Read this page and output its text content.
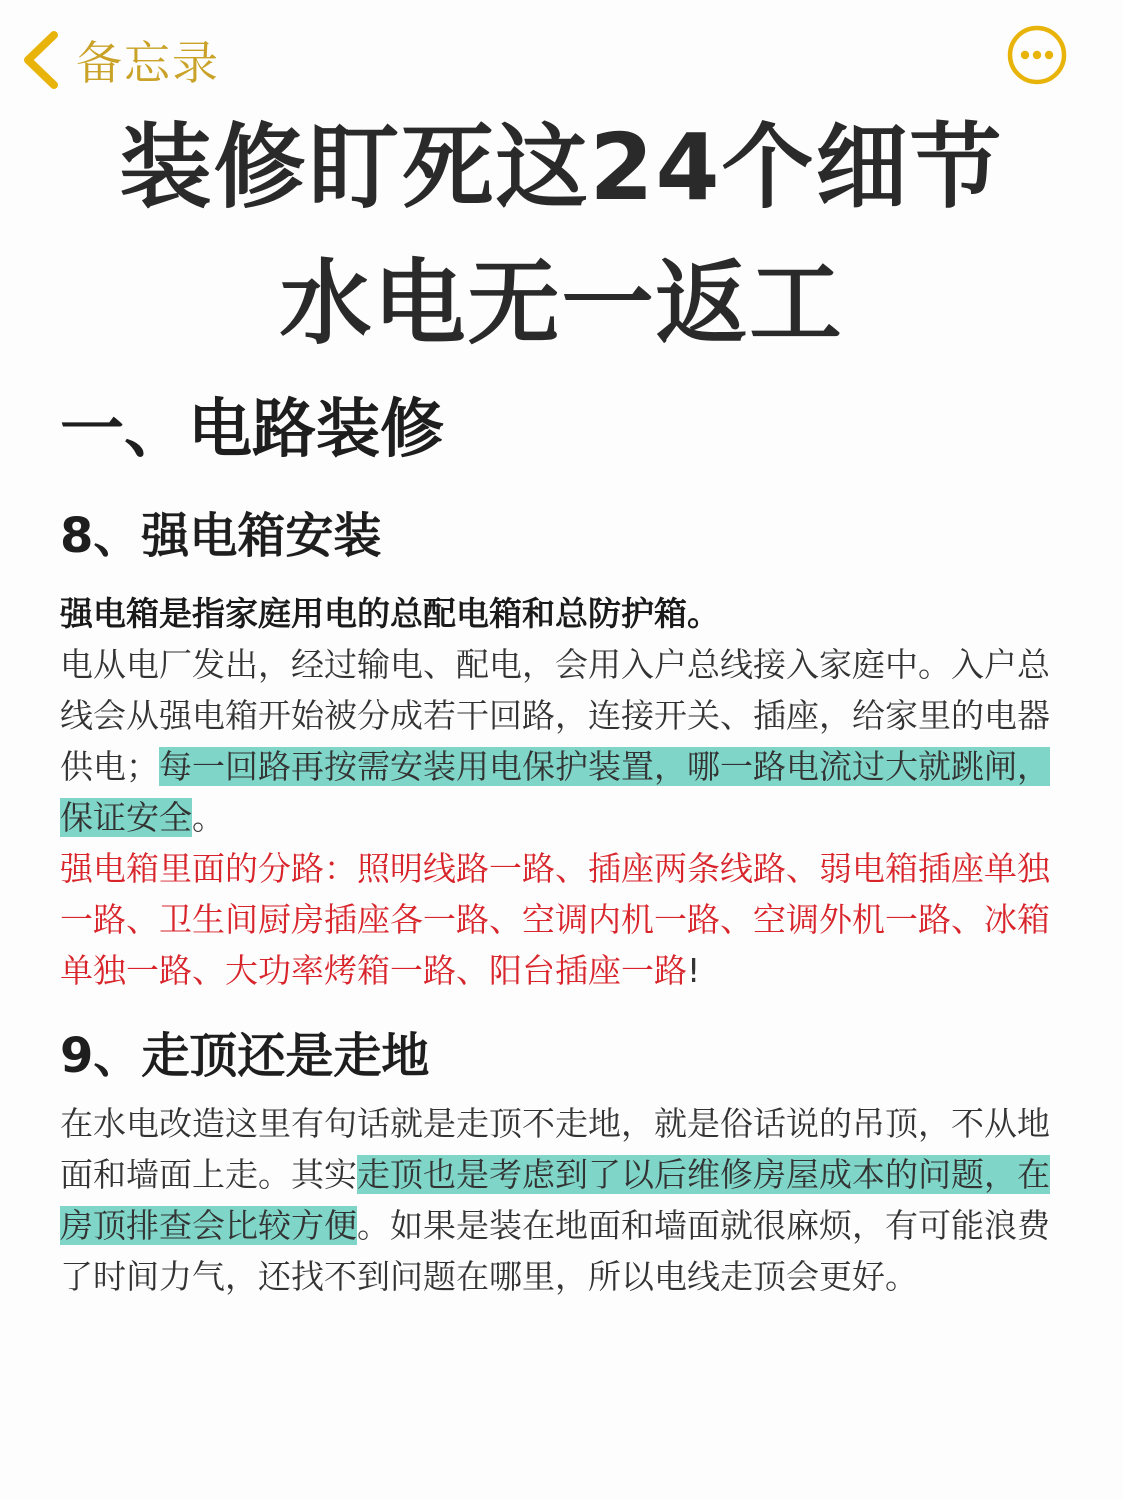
备忘录
装修盯死这24个细节
水电无一返工
一、电路装修
8、强电箱安装

强电箱是指家庭用电的总配电箱和总防护箱。

电从电厂发出，经过输电、配电，会用入户总线接入家庭中。入户总线会从强电箱开始被分成若干回路，连接开关、插座，给家里的电器供电；每一回路再按需安装用电保护装置，哪一路电流过大就跳闸，保证安全。

强电箱里面的分路：照明线路一路、插座两条线路、弱电箱插座单独一路、卫生间厨房插座各一路、空调内机一路、空调外机一路、冰箱单独一路、大功率烤箱一路、阳台插座一路!

9、走顶还是走地

在水电改造这里有句话就是走顶不走地，就是俗话说的吊顶，不从地面和墙面上走。其实走顶也是考虑到了以后维修房屋成本的问题，在房顶排查会比较方便。如果是装在地面和墙面就很麻烦，有可能浪费了时间力气，还找不到问题在哪里，所以电线走顶会更好。
